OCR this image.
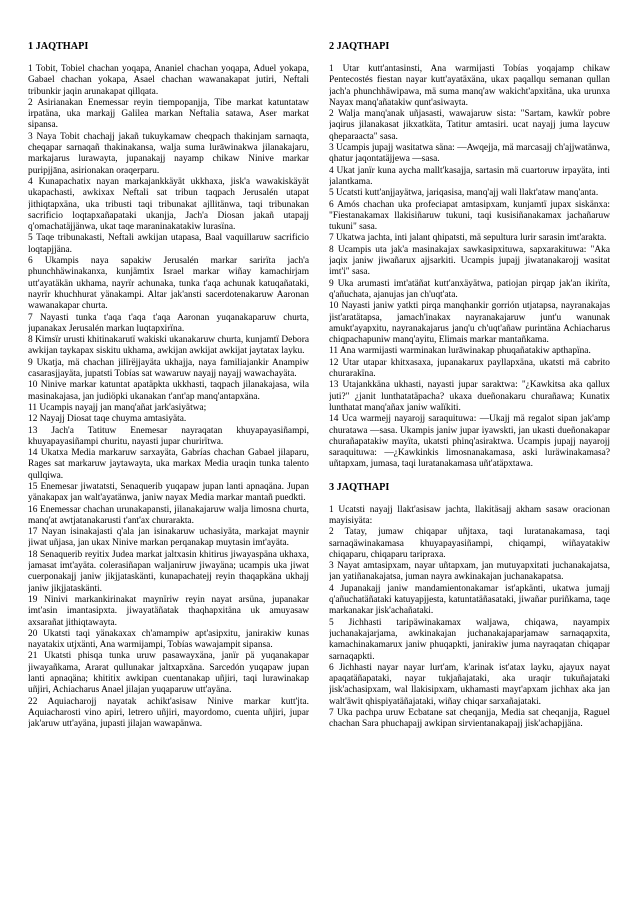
1 JAQTHAPI

1 Tobit, Tobiel chachan yoqapa, Ananiel chachan yoqapa, Aduel yokapa, Gabael chachan yokapa, Asael chachan wawanakapat jutiri, Neftali tribunkir jaqin arunakapat qillqata.

2 Asirianakan Enemessar reyin tiempopanjja, Tibe markat katuntataw irpatäna, uka markajj Galilea markan Neftalia satawa, Aser markat sipansa.

3 Naya Tobit chachajj jakañ tukuykamaw cheqpach thakinjam sarnaqta, cheqapar sarnaqañ thakinakansa, walja suma lurāwinakwa jilanakajaru, markajarus lurawayta, jupanakajj nayamp chikaw Ninive markar puripjjāna, asirionakan oraqerparu.

4 Kunapachatix nayan markajankkäyät ukkhaxa, jisk'a wawakiskäyät ukapachasti, awkixax Neftali sat tribun taqpach Jerusalén utapat jithiqtapxäna, uka tribusti taqi tribunakat ajllitänwa, taqi tribunakan sacrificio loqtapxañapataki ukanjja, Jach'a Diosan jakañ utapajj q'omachatäjjänwa, ukat taqe maraninakatakiw lurasïna.

5 Taqe tribunakasti, Neftali awkijan utapasa, Baal vaquillaruw sacrificio loqtapjjäna.

6 Ukampis naya sapakiw Jerusalén markar sarirïta jach'a phunchhäwinakanxa, kunjämtix Israel markar wiñay kamachirjam utt'ayatäkän ukhama, nayrïr achunaka, tunka t'aqa achunak katuqañataki, nayrïr khuchhurat yänakampi. Altar jak'ansti sacerdotenakaruw Aaronan wawanakapar churta.

7 Nayasti tunka t'aqa t'aqa t'aqa Aaronan yuqanakaparuw churta, jupanakax Jerusalén markan luqtapxirïna.

8 Kimsïr urusti khitinakarutï wakiski ukanakaruw churta, kunjamtï Debora awkijan taykapax siskitu ukhama, awkijan awkijat awkijat jaytatax layku.

9 Ukatja, mä chachan jilïrëjjayäta ukhajja, naya familiajankir Anampiw casarasjjayäta, jupatsti Tobías sat wawaruw nayajj nayajj wawachayäta.

10 Ninive markar katuntat apatäpkta ukkhasti, taqpach jilanakajasa, wila masinakajasa, jan judiöpki ukanakan t'ant'ap manq'antapxäna.

11 Ucampis nayajj jan manq'añat jark'asiyätwa;

12 Nayajj Diosat taqe chuyma amtasiyäta.

13 Jach'a Tatituw Enemesar nayraqatan khuyapayasiñampi, khuyapayasiñampi churitu, nayasti jupar churirïtwa.

14 Ukatxa Media markaruw sarxayäta, Gabrías chachan Gabael jilaparu, Rages sat markaruw jaytawayta, uka markax Media uraqin tunka talento qullqiwa.

15 Enemesar jiwatatsti, Senaquerib yuqapaw jupan lanti apnaqäna. Jupan yänakapax jan walt'ayatänwa, janiw nayax Media markar mantañ puedkti.

16 Enemessar chachan urunakapansti, jilanakajaruw walja limosna churta, manq'at awtjatanakarusti t'ant'ax churarakta.

17 Nayan isinakajasti q'ala jan isinakaruw uchasiyäta, markajat maynir jiwat uñjasa, jan ukax Ninive markan perqanakap muytasin imt'ayäta.

18 Senaquerib reyitix Judea markat jaltxasin khitirus jiwayaspäna ukhaxa, jamasat imt'ayäta. colerasiñapan waljaniruw jiwayäna; ucampis uka jiwat cuerponakajj janiw jikjjataskänti, kunapachatejj reyin thaqapkäna ukhajj janiw jikjjataskänti.

19 Ninivi markankirinakat maynïriw reyin nayat arsüna, jupanakar imt'asin imantasipxta. jiwayatäñatak thaqhapxitäna uk amuyasaw axsarañat jithiqtawayta.

20 Ukatsti taqi yänakaxax ch'amampiw apt'asipxitu, janirakiw kunas nayatakix utjxänti, Ana warmijampi, Tobías wawajampit sipansa.

21 Ukatsti phisqa tunka uruw pasawayxäna, janïr pä yuqanakapar jiwayañkama, Ararat qullunakar jaltxapxäna. Sarcedón yuqapaw jupan lanti apnaqäna; khititix awkipan cuentanakap uñjiri, taqi lurawinakap uñjiri, Achiacharus Anael jilajan yuqaparuw utt'ayäna.

22 Aquiacharojj nayatak achikt'asisaw Ninive markar kutt'jta. Aquiacharosti vino apiri, letrero uñjiri, mayordomo, cuenta uñjiri, jupar jak'aruw utt'ayäna, jupasti jilajan wawapänwa.

2 JAQTHAPI

1 Utar kutt'antasinsti, Ana warmijasti Tobías yoqajamp chikaw Pentecostés fiestan nayar kutt'ayatäxäna, ukax paqallqu semanan qullan jach'a phunchhäwipawa, mä suma manq'aw wakicht'apxitäna, uka urunxa Nayax manq'añatakiw qunt'asiwayta.

2 Walja manq'anak uñjasasti, wawajaruw sista: "Sartam, kawkïr pobre jaqirus jilanakasat jikxatkäta, Tatitur amtasiri. ucat nayajj juma laycuw qheparaacta" sasa.

3 Ucampis jupajj wasitatwa säna: —Awqejja, mä marcasajj ch'ajjwatänwa, qhatur jaqontatäjjewa —sasa.

4 Ukat janïr kuna aycha mallt'kasajja, sartasin mä cuartoruw irpayäta, inti jalantkama.

5 Ucatsti kutt'anjjayätwa, jariqasisa, manq'ajj wali llakt'ataw manq'anta.

6 Amós chachan uka profeciapat amtasipxam, kunjamtï jupax siskänxa: "Fiestanakamax llakisiñaruw tukuni, taqi kusisiñanakamax jachañaruw tukuni" sasa.

7 Ukatwa jachta, inti jalant qhipatsti, mä sepultura lurir sarasin imt'arakta.

8 Ucampis uta jak'a masinakajax sawkasipxituwa, sapxarakituwa: "Aka jaqix janiw jiwañarux ajjsarkiti. Ucampis jupajj jiwatanakarojj wasitat imt'i" sasa.

9 Uka arumasti imt'atäñat kutt'anxäyätwa, patiojan pirqap jak'an ikirïta, q'añuchata, ajanujas jan ch'uqt'ata.

10 Nayasti janiw yatkti pirqa manqhankir gorrión utjatapsa, nayranakajas jist'aratätapsa, jamach'inakax nayranakajaruw junt'u wanunak amukt'ayapxitu, nayranakajarus janq'u ch'uqt'añaw purintäna Achiacharus chiqpachapuniw manq'ayitu, Elimais markar mantañkama.

11 Ana warmijasti warminakan lurāwinakap phuqañatakiw apthapïna.

12 Utar utapar khitxasaxa, jupanakarux payllapxäna, ukatsti mä cabrito churarakïna.

13 Utajankkäna ukhasti, nayasti jupar saraktwa: "¿Kawkitsa aka qallux juti?" ¿janit lunthatatäpacha? ukaxa dueñonakaru churañawa; Kunatix lunthatat manq'añax janiw walïkiti.

14 Uca warmejj nayarojj saraquituwa: —Ukajj mä regalot sipan jak'amp churatawa —sasa. Ukampis janiw jupar iyawskti, jan ukasti dueñonakapar churañapatakiw mayïta, ukatsti phinq'asiraktwa. Ucampis jupajj nayarojj saraquituwa: —¿Kawkinkis limosnanakamasa, aski luräwinakamasa? uñtapxam, jumasa, taqi luratanakamasa uñt'atäpxtawa.

3 JAQTHAPI

1 Ucatsti nayajj llakt'asisaw jachta, llakitäsajj akham sasaw oracionan mayisiyäta:

2 Tatay, jumaw chiqapar uñjtaxa, taqi luratanakamasa, taqi sarnaqäwinakamasa khuyapayasiñampi, chiqampi, wiñayatakiw chiqaparu, chiqaparu taripraxa.

3 Nayat amtasipxam, nayar uñtapxam, jan mutuyapxitati juchanakajatsa, jan yatiñanakajatsa, juman nayra awkinakajan juchanakapatsa.

4 Jupanakajj janiw mandamientonakamar ist'apkänti, ukatwa jumajj q'añuchatäñataki katuyapjjesta, katuntatäñasataki, jiwañar puriñkama, taqe markanakar jisk'achañataki.

5 Jichhasti taripäwinakamax waljawa, chiqawa, nayampix juchanakajarjama, awkinakajan juchanakajaparjamaw sarnaqapxita, kamachinakamarux janiw phuqapkti, janirakiw juma nayraqatan chiqapar sarnaqapkti.

6 Jichhasti nayar nayar lurt'am, k'arinak ist'atax layku, ajayux nayat apaqatäñapataki, nayar tukjañajataki, aka uraqir tukuñajataki jisk'achasipxam, wal llakisipxam, ukhamasti mayt'apxam jichhax aka jan walt'äwit qhispiyatäñajataki, wiñay chiqar sarxañajataki.

7 Uka pachpa uruw Ecbatane sat cheqanjja, Media sat cheqanjja, Raguel chachan Sara phuchapajj awkipan sirvientanakapajj jisk'achapjjäna.
